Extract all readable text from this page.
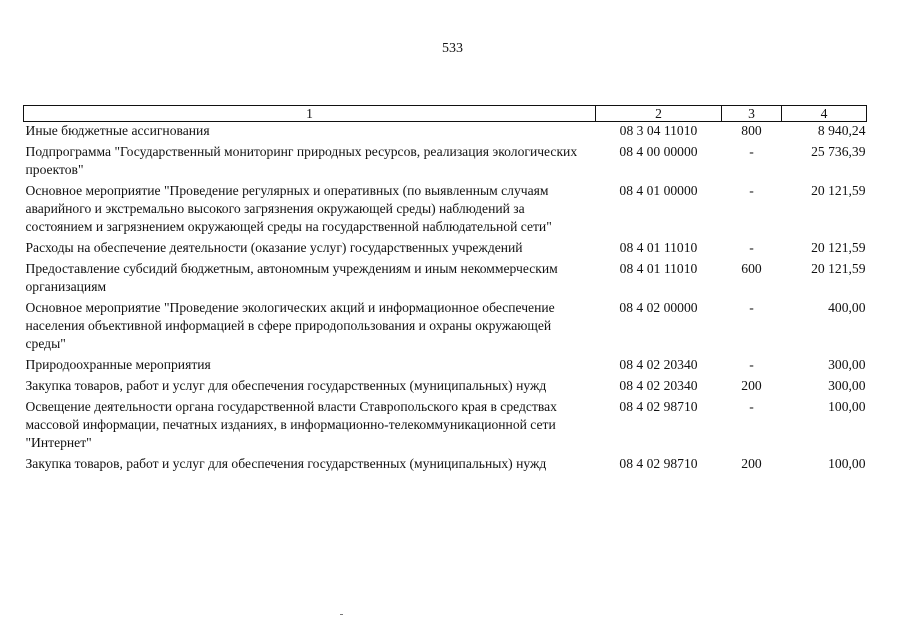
533
1	2	3	4
Иные бюджетные ассигнования	08 3 04 11010	800	8 940,24
Подпрограмма "Государственный мониторинг природных ресурсов, реализация экологических проектов"	08 4 00 00000	-	25 736,39
Основное мероприятие "Проведение регулярных и оперативных (по выявленным случаям аварийного и экстремально высокого загрязнения окружающей среды) наблюдений за состоянием и загрязнением окружающей среды на государственной наблюдательной сети"	08 4 01 00000	-	20 121,59
Расходы на обеспечение деятельности (оказание услуг) государственных учреждений	08 4 01 11010	-	20 121,59
Предоставление субсидий бюджетным, автономным учреждениям и иным некоммерческим организациям	08 4 01 11010	600	20 121,59
Основное мероприятие "Проведение экологических акций и информационное обеспечение населения объективной информацией в сфере природопользования и охраны окружающей среды"	08 4 02 00000	-	400,00
Природоохранные мероприятия	08 4 02 20340	-	300,00
Закупка товаров, работ и услуг для обеспечения государственных (муниципальных) нужд	08 4 02 20340	200	300,00
Освещение деятельности органа государственной власти Ставропольского края в средствах массовой информации, печатных изданиях, в информационно-телекоммуникационной сети "Интернет"	08 4 02 98710	-	100,00
Закупка товаров, работ и услуг для обеспечения государственных (муниципальных) нужд	08 4 02 98710	200	100,00
